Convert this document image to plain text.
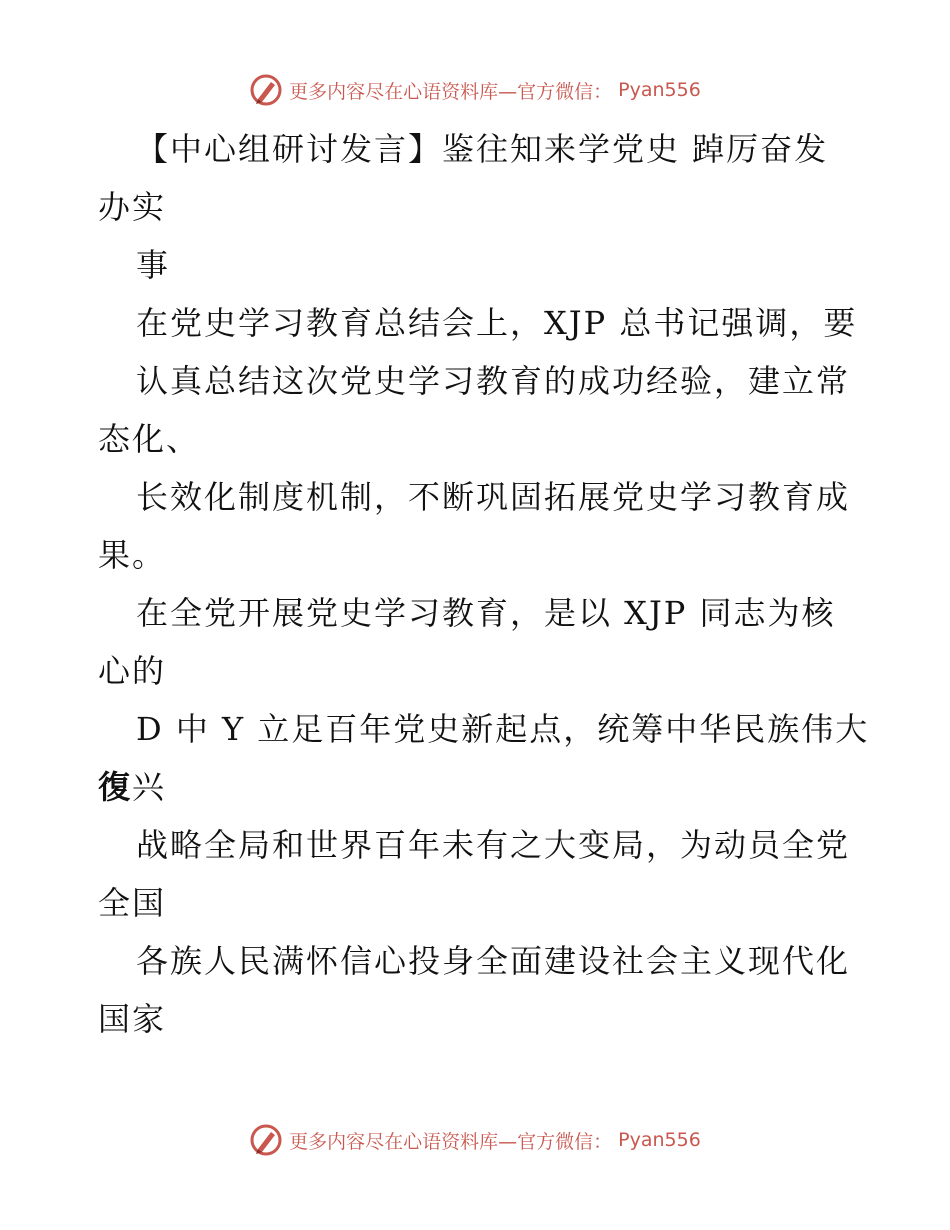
更多内容尽在心语资料库—官方微信： Pyan556
【中心组研讨发言】鉴往知来学党史 踔厉奋发
办实
事
在党史学习教育总结会上，XJP 总书记强调，要
认真总结这次党史学习教育的成功经验，建立常
态化、
长效化制度机制，不断巩固拓展党史学习教育成
果。
在全党开展党史学习教育，是以 XJP 同志为核
心的
D 中 Y 立足百年党史新起点，统筹中华民族伟大
復兴
战略全局和世界百年未有之大变局，为动员全党
全国
各族人民满怀信心投身全面建设社会主义现代化
国家
更多内容尽在心语资料库—官方微信： Pyan556
